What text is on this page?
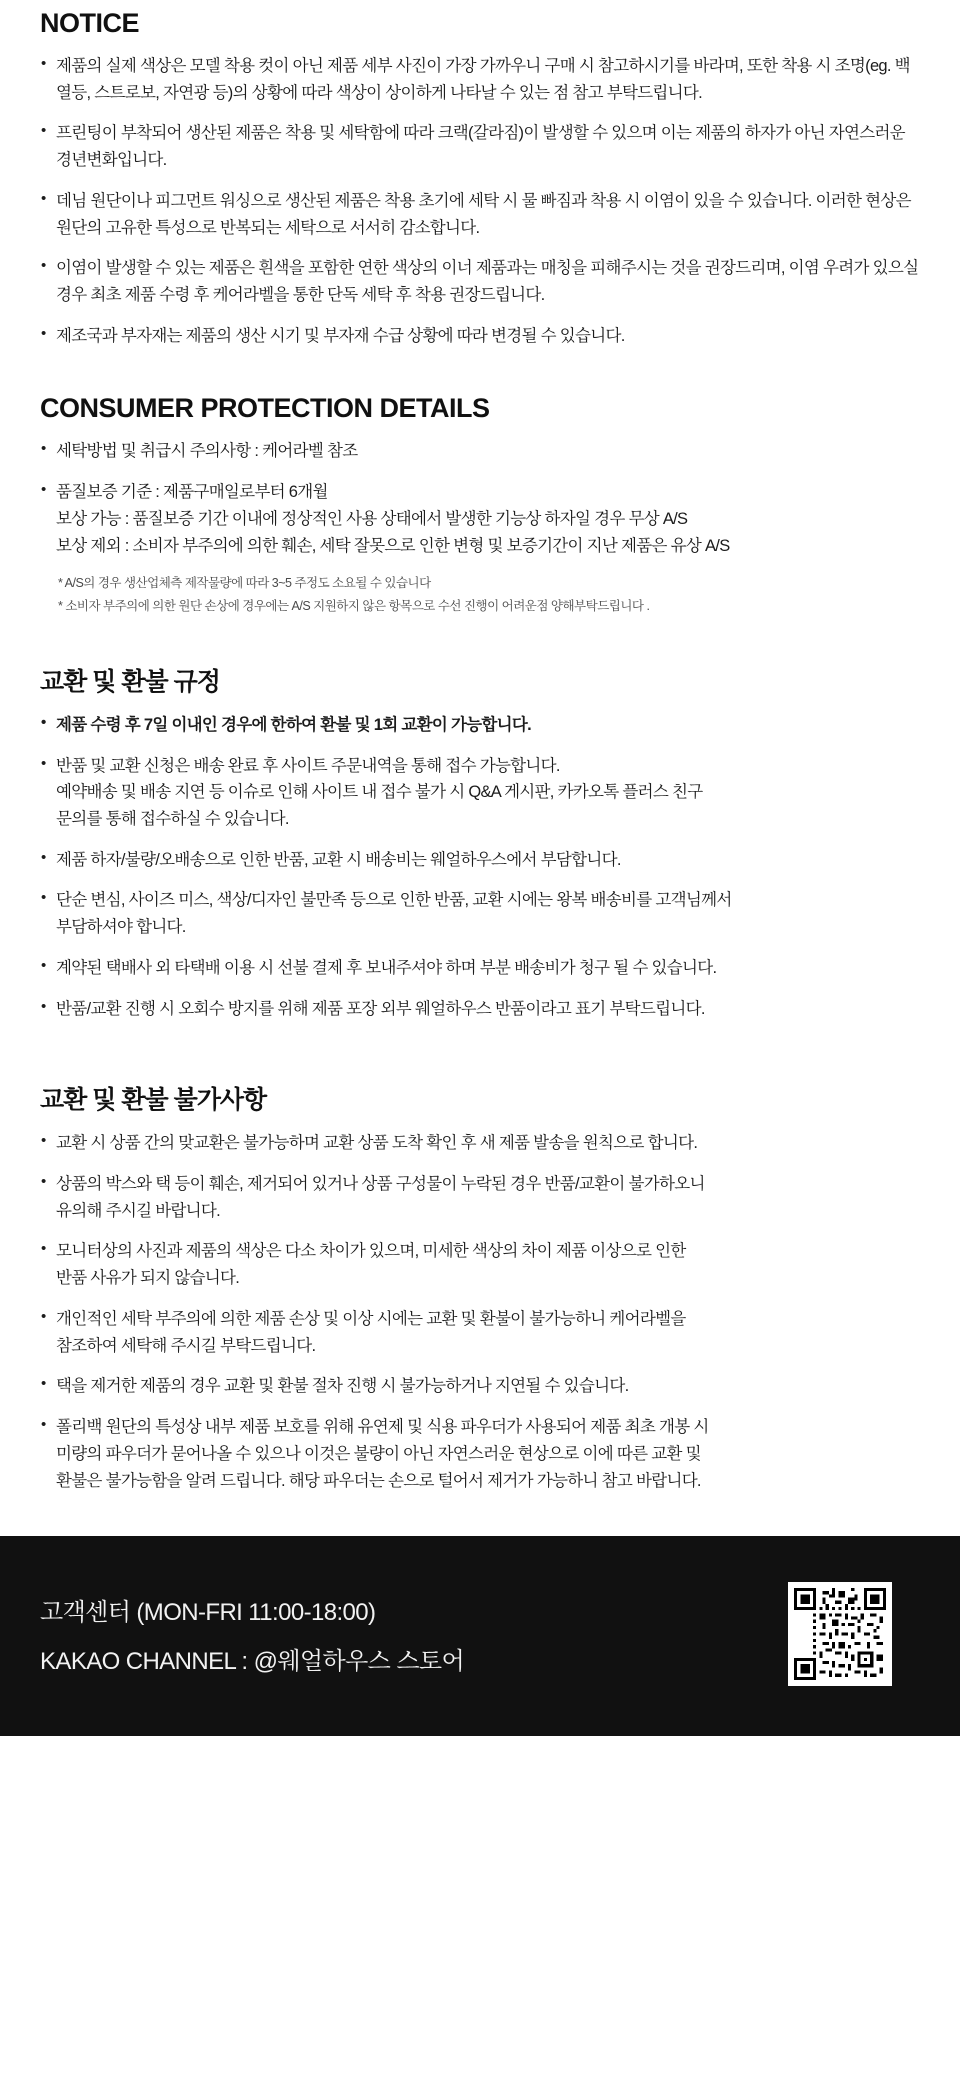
NOTICE
• 제품의 실제 색상은 모델 착용 컷이 아닌 제품 세부 사진이 가장 가까우니 구매 시 참고하시기를 바라며, 또한 착용 시 조명(eg. 백열등, 스트로보, 자연광 등)의 상황에 따라 색상이 상이하게 나타날 수 있는 점 참고 부탁드립니다.
• 프린팅이 부착되어 생산된 제품은 착용 및 세탁함에 따라 크랙(갈라짐)이 발생할 수 있으며 이는 제품의 하자가 아닌 자연스러운 경년변화입니다.
• 데님 원단이나 피그먼트 워싱으로 생산된 제품은 착용 초기에 세탁 시 물 빠짐과 착용 시 이염이 있을 수 있습니다. 이러한 현상은 원단의 고유한 특성으로 반복되는 세탁으로 서서히 감소합니다.
• 이염이 발생할 수 있는 제품은 흰색을 포함한 연한 색상의 이너 제품과는 매칭을 피해주시는 것을 권장드리며, 이염 우려가 있으실 경우 최초 제품 수령 후 케어라벨을 통한 단독 세탁 후 착용 권장드립니다.
• 제조국과 부자재는 제품의 생산 시기 및 부자재 수급 상황에 따라 변경될 수 있습니다.
CONSUMER PROTECTION DETAILS
• 세탁방법 및 취급시 주의사항 : 케어라벨 참조
• 품질보증 기준 : 제품구매일로부터 6개월
보상 가능 : 품질보증 기간 이내에 정상적인 사용 상태에서 발생한 기능상 하자일 경우 무상 A/S
보상 제외 : 소비자 부주의에 의한 훼손, 세탁 잘못으로 인한 변형 및 보증기간이 지난 제품은 유상 A/S
* A/S의 경우 생산업체측 제작물량에 따라 3~5 주정도 소요될 수 있습니다
* 소비자 부주의에 의한 원단 손상에 경우에는 A/S 지원하지 않은 항목으로 수선 진행이 어려운점 양해부탁드립니다 .
교환 및 환불 규정
• 제품 수령 후 7일 이내인 경우에 한하여 환불 및 1회 교환이 가능합니다.
• 반품 및 교환 신청은 배송 완료 후 사이트 주문내역을 통해 접수 가능합니다.
예약배송 및 배송 지연 등 이슈로 인해 사이트 내 접수 불가 시 Q&A 게시판, 카카오톡 플러스 친구
문의를 통해 접수하실 수 있습니다.
• 제품 하자/불량/오배송으로 인한 반품, 교환 시 배송비는 웨얼하우스에서 부담합니다.
• 단순 변심, 사이즈 미스, 색상/디자인 불만족 등으로 인한 반품, 교환 시에는 왕복 배송비를 고객님께서
부담하셔야 합니다.
• 계약된 택배사 외 타택배 이용 시 선불 결제 후 보내주셔야 하며 부분 배송비가 청구 될 수 있습니다.
• 반품/교환 진행 시 오회수 방지를 위해 제품 포장 외부 웨얼하우스 반품이라고 표기 부탁드립니다.
교환 및 환불 불가사항
• 교환 시 상품 간의 맞교환은 불가능하며 교환 상품 도착 확인 후 새 제품 발송을 원칙으로 합니다.
• 상품의 박스와 택 등이 훼손, 제거되어 있거나 상품 구성물이 누락된 경우 반품/교환이 불가하오니
유의해 주시길 바랍니다.
• 모니터상의 사진과 제품의 색상은 다소 차이가 있으며, 미세한 색상의 차이 제품 이상으로 인한
반품 사유가 되지 않습니다.
• 개인적인 세탁 부주의에 의한 제품 손상 및 이상 시에는 교환 및 환불이 불가능하니 케어라벨을
참조하여 세탁해 주시길 부탁드립니다.
• 택을 제거한 제품의 경우 교환 및 환불 절차 진행 시 불가능하거나 지연될 수 있습니다.
• 폴리백 원단의 특성상 내부 제품 보호를 위해 유연제 및 식용 파우더가 사용되어 제품 최초 개봉 시
미량의 파우더가 묻어나올 수 있으나 이것은 불량이 아닌 자연스러운 현상으로 이에 따른 교환 및
환불은 불가능함을 알려 드립니다. 해당 파우더는 손으로 털어서 제거가 가능하니 참고 바랍니다.
고객센터 (MON-FRI 11:00-18:00)
KAKAO CHANNEL : @웨얼하우스 스토어
